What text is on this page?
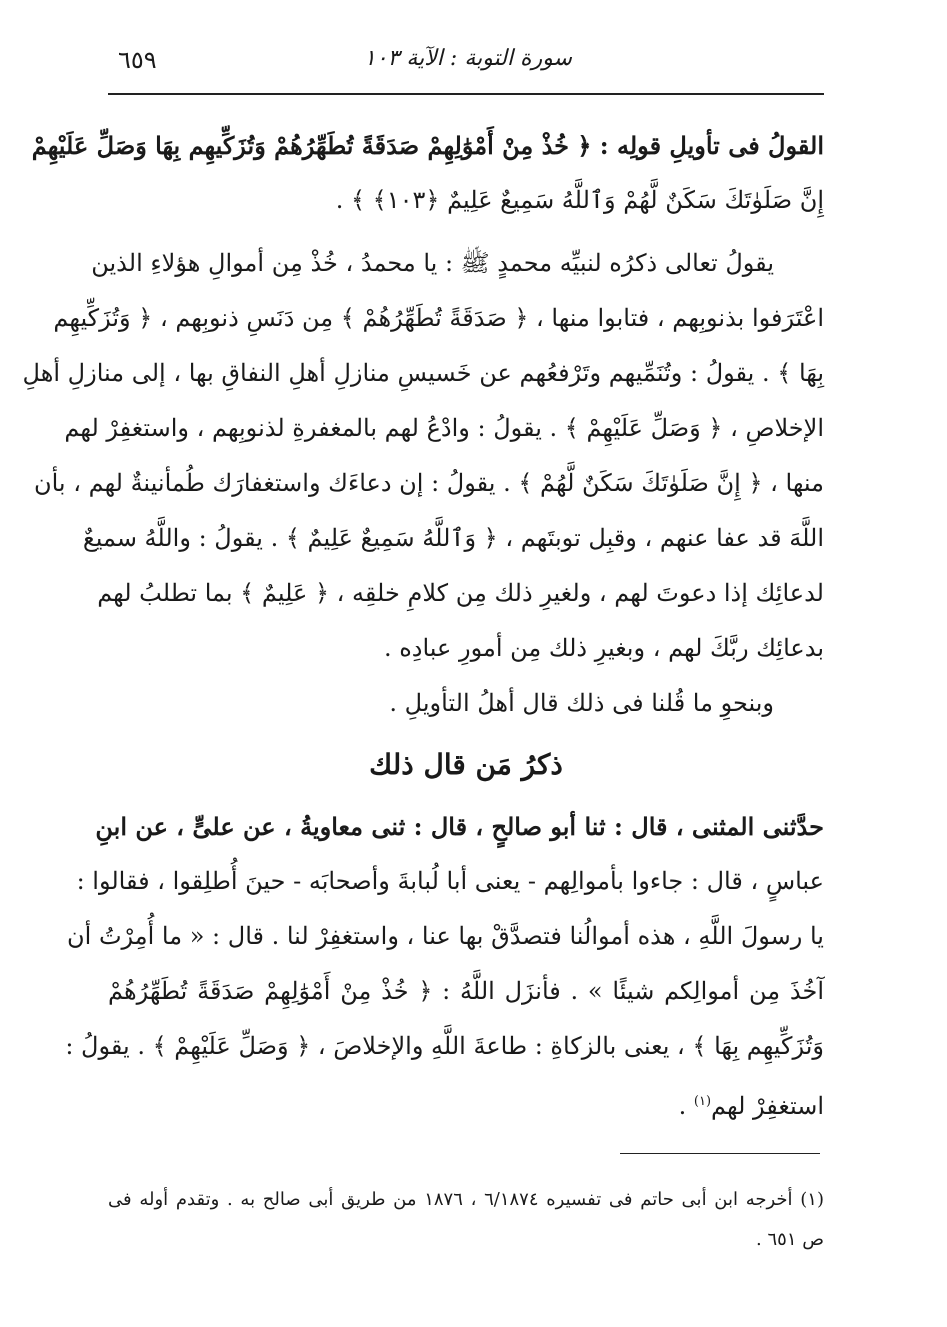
سورة التوبة : الآية ١٠٣
٦٥٩
القولُ فى تأويلِ قولِه : ﴿ خُذْ مِنْ أَمْوَٰلِهِمْ صَدَقَةً تُطَهِّرُهُمْ وَتُزَكِّيهِم بِهَا وَصَلِّ عَلَيْهِمْ
إِنَّ صَلَوٰتَكَ سَكَنٌ لَّهُمْ وَٱللَّهُ سَمِيعٌ عَلِيمٌ ﴿١٠٣﴾ ﴾ .
يقولُ تعالى ذكرُه لنبيِّه محمدٍ ﷺ : يا محمدُ ، خُذْ مِن أموالِ هؤلاءِ الذين
اعْتَرَفوا بذنوبِهم ، فتابوا منها ، ﴿ صَدَقَةً تُطَهِّرُهُمْ ﴾ مِن دَنَسِ ذنوبِهم ، ﴿ وَتُزَكِّيهِم
بِهَا ﴾ . يقولُ : وتُنَمِّيهم وتَرْفعُهم عن خَسيسِ منازلِ أهلِ النفاقِ بها ، إلى منازلِ أهلِ
الإخلاصِ ، ﴿ وَصَلِّ عَلَيْهِمْ ﴾ . يقولُ : وادْعُ لهم بالمغفرةِ لذنوبِهم ، واستغفِرْ لهم
منها ، ﴿ إِنَّ صَلَوٰتَكَ سَكَنٌ لَّهُمْ ﴾ . يقولُ : إن دعاءَك واستغفارَك طُمأنينةٌ لهم ، بأن
اللَّهَ قد عفا عنهم ، وقبِل توبتَهم ، ﴿ وَٱللَّهُ سَمِيعٌ عَلِيمٌ ﴾ . يقولُ : واللَّهُ سميعٌ
لدعائِك إذا دعوتَ لهم ، ولغيرِ ذلك مِن كلامِ خلقِه ، ﴿ عَلِيمٌ ﴾ بما تطلبُ لهم
بدعائِك ربَّكَ لهم ، وبغيرِ ذلك مِن أمورِ عبادِه .
وبنحوِ ما قُلنا فى ذلك قال أهلُ التأويلِ .
ذكرُ مَن قال ذلك
حدَّثنى المثنى ، قال : ثنا أبو صالحٍ ، قال : ثنى معاويةُ ، عن علىٍّ ، عن ابنِ
عباسٍ ، قال : جاءوا بأموالِهم - يعنى أبا لُبابةَ وأصحابَه - حينَ أُطلِقوا ، فقالوا :
يا رسولَ اللَّهِ ، هذه أموالُنا فتصدَّقْ بها عنا ، واستغفِرْ لنا . قال : « ما أُمِرْتُ أن
آخُذَ مِن أموالِكم شيئًا » . فأنزَل اللَّهُ : ﴿ خُذْ مِنْ أَمْوَٰلِهِمْ صَدَقَةً تُطَهِّرُهُمْ
وَتُزَكِّيهِم بِهَا ﴾ ، يعنى بالزكاةِ : طاعةَ اللَّهِ والإخلاصَ ، ﴿ وَصَلِّ عَلَيْهِمْ ﴾ . يقولُ :
استغفِرْ لهم$^{(١)}$ .
(١) أخرجه ابن أبى حاتم فى تفسيره ٦/١٨٧٤ ، ١٨٧٦ من طريق أبى صالح به . وتقدم أوله فى
ص ٦٥١ .
